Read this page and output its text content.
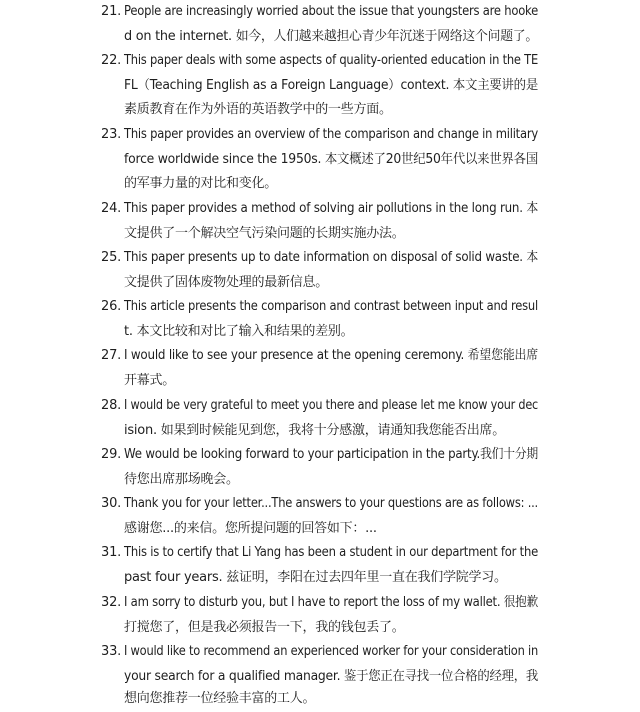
21. People are increasingly worried about the issue that youngsters are hooke
d on the internet. 如今，人们越来越担心青少年沉迷于网络这个问题了。
22. This paper deals with some aspects of quality-oriented education in the TE
FL（Teaching English as a Foreign Language）context. 本文主要讲的是
素质教育在作为外语的英语教学中的一些方面。
23. This paper provides an overview of the comparison and change in military
force worldwide since the 1950s. 本文概述了20世纪50年代以来世界各国
的军事力量的对比和变化。
24. This paper provides a method of solving air pollutions in the long run. 本
文提供了一个解决空气污染问题的长期实施办法。
25. This paper presents up to date information on disposal of solid waste. 本
文提供了固体废物处理的最新信息。
26. This article presents the comparison and contrast between input and resul
t. 本文比较和对比了输入和结果的差别。
27. I would like to see your presence at the opening ceremony. 希望您能出席
开幕式。
28. I would be very grateful to meet you there and please let me know your dec
ision. 如果到时候能见到您，我将十分感激，请通知我您能否出席。
29. We would be looking forward to your participation in the party.我们十分期
待您出席那场晚会。
30. Thank you for your letter...The answers to your questions are as follows: ...
感谢您...的来信。您所提问题的回答如下：...
31. This is to certify that Li Yang has been a student in our department for the
past four years. 兹证明，李阳在过去四年里一直在我们学院学习。
32. I am sorry to disturb you, but I have to report the loss of my wallet. 很抱歉
打搅您了，但是我必须报告一下，我的钱包丢了。
33. I would like to recommend an experienced worker for your consideration in
your search for a qualified manager. 鉴于您正在寻找一位合格的经理，我
想向您推荐一位经验丰富的工人。
